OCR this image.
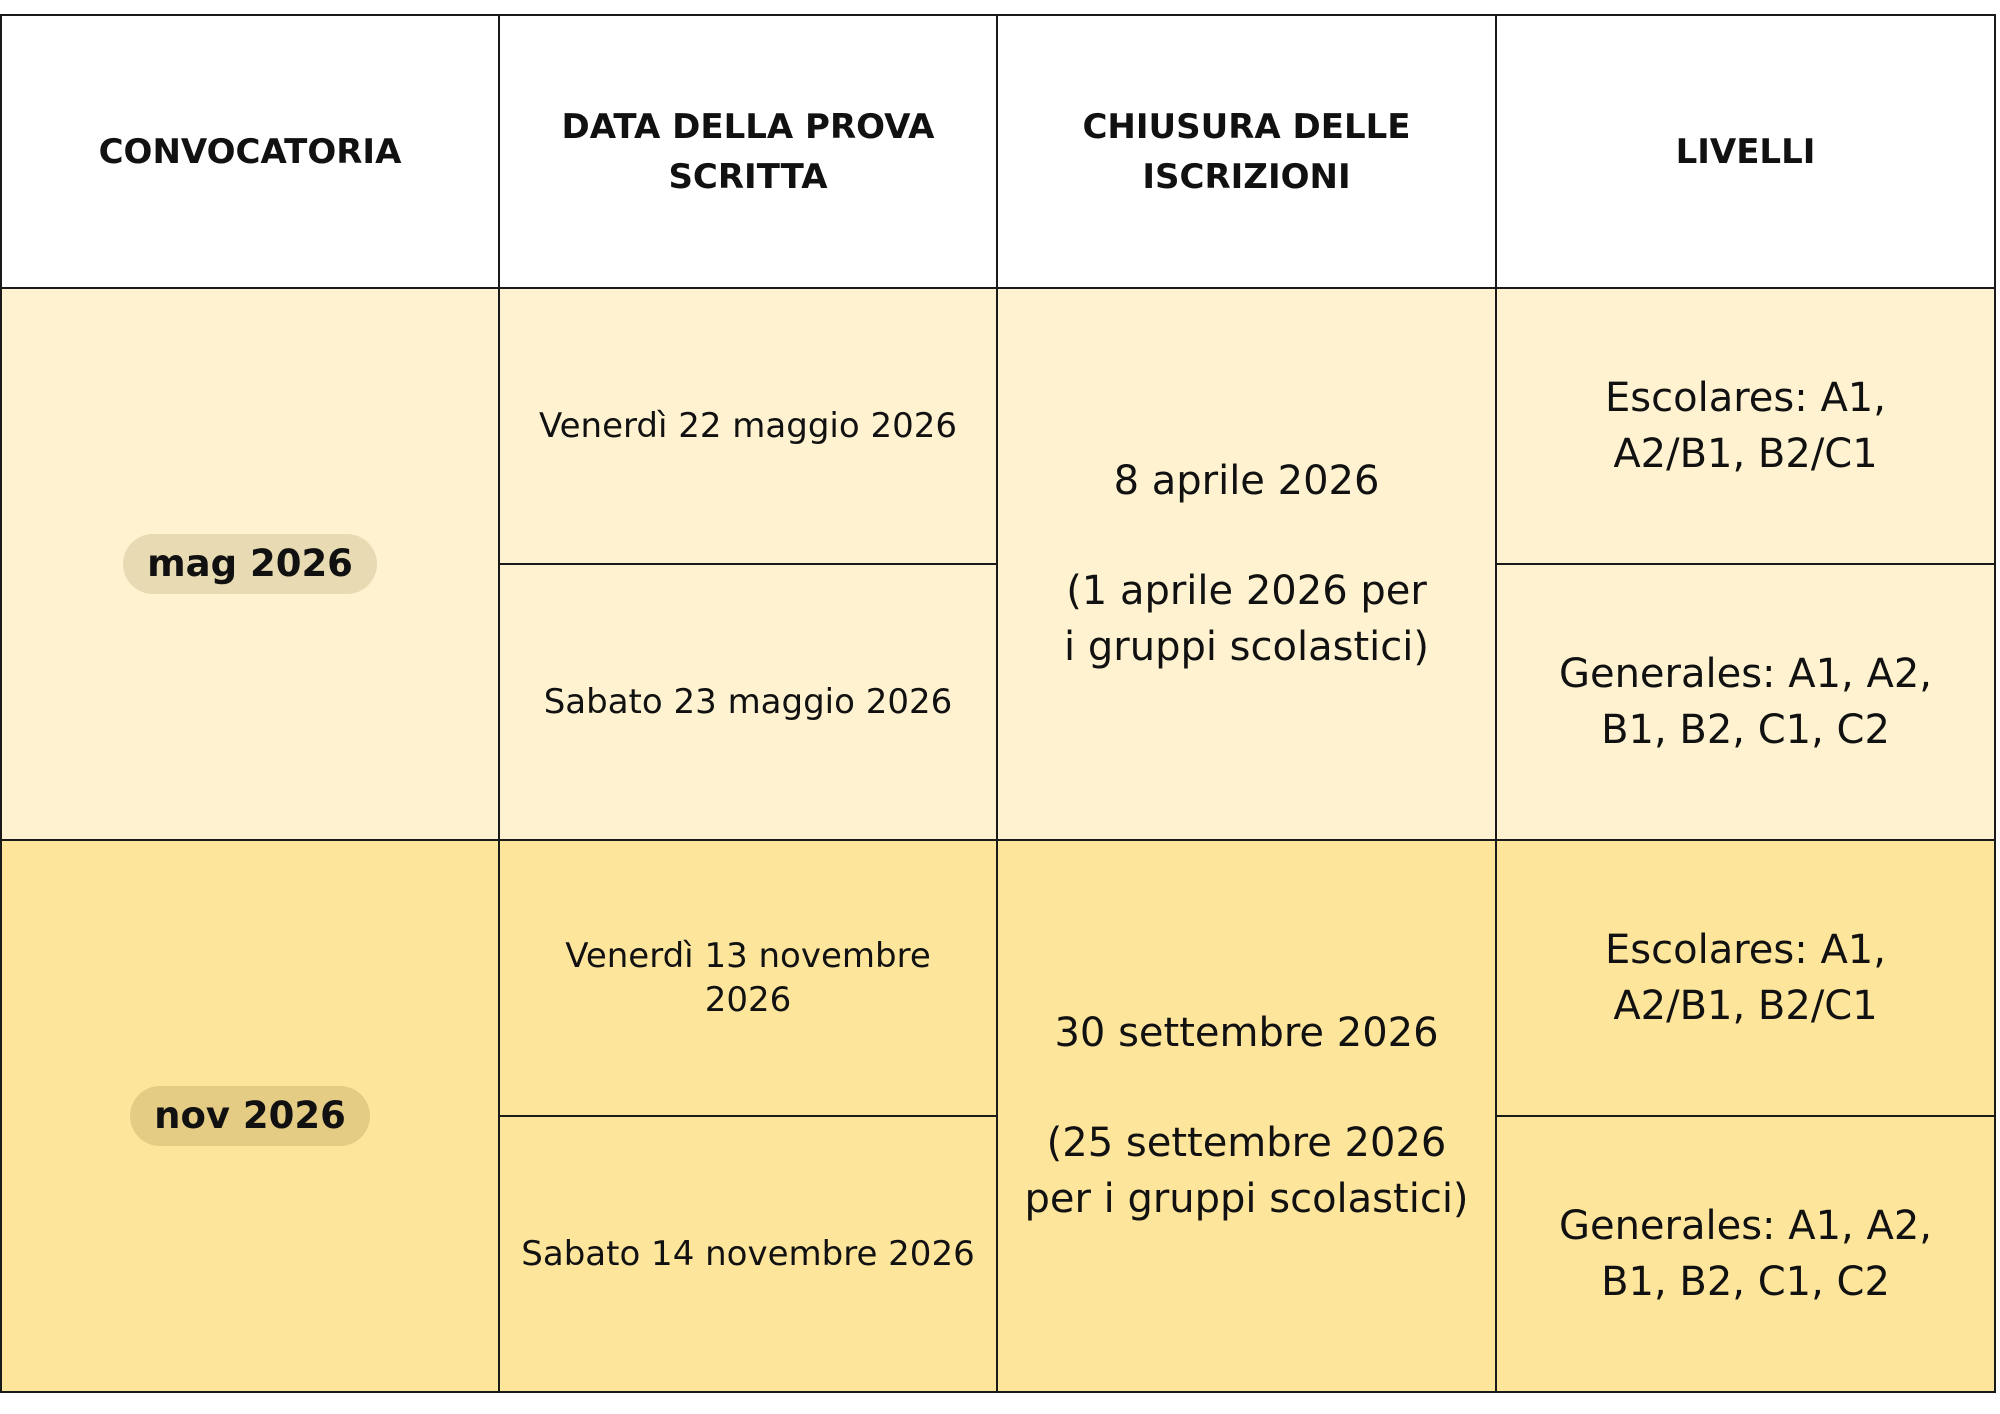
CONVOCATORIA
DATA DELLA PROVA SCRITTA
CHIUSURA DELLE ISCRIZIONI
LIVELLI
mag 2026
Venerdì 22 maggio 2026
Sabato 23 maggio 2026

8 aprile 2026

(1 aprile 2026 per i gruppi scolastici)

Escolares: A1, A2/B1, B2/C1
Generales: A1, A2, B1, B2, C1, C2
nov 2026
Venerdì 13 novembre 2026
Sabato 14 novembre 2026

30 settembre 2026

(25 settembre 2026 per i gruppi scolastici)

Escolares: A1, A2/B1, B2/C1
Generales: A1, A2, B1, B2, C1, C2
